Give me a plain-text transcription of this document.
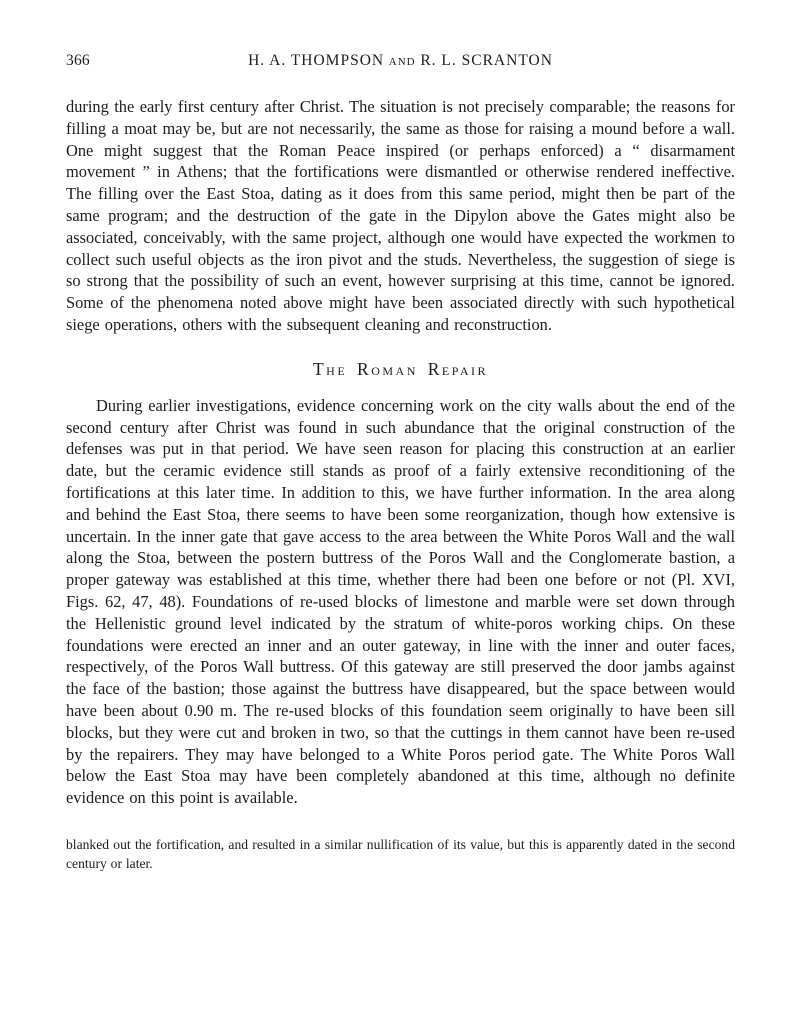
366	H. A. THOMPSON and R. L. SCRANTON

during the early first century after Christ. The situation is not precisely comparable; the reasons for filling a moat may be, but are not necessarily, the same as those for raising a mound before a wall. One might suggest that the Roman Peace inspired (or perhaps enforced) a “ disarmament movement ” in Athens; that the fortifications were dismantled or otherwise rendered ineffective. The filling over the East Stoa, dating as it does from this same period, might then be part of the same program; and the destruction of the gate in the Dipylon above the Gates might also be associated, conceivably, with the same project, although one would have expected the workmen to collect such useful objects as the iron pivot and the studs. Nevertheless, the suggestion of siege is so strong that the possibility of such an event, however surprising at this time, cannot be ignored. Some of the phenomena noted above might have been associated directly with such hypothetical siege operations, others with the subsequent cleaning and reconstruction.

The Roman Repair

During earlier investigations, evidence concerning work on the city walls about the end of the second century after Christ was found in such abundance that the original construction of the defenses was put in that period. We have seen reason for placing this construction at an earlier date, but the ceramic evidence still stands as proof of a fairly extensive reconditioning of the fortifications at this later time. In addition to this, we have further information. In the area along and behind the East Stoa, there seems to have been some reorganization, though how extensive is uncertain. In the inner gate that gave access to the area between the White Poros Wall and the wall along the Stoa, between the postern buttress of the Poros Wall and the Conglomerate bastion, a proper gateway was established at this time, whether there had been one before or not (Pl. XVI, Figs. 62, 47, 48). Foundations of re-used blocks of limestone and marble were set down through the Hellenistic ground level indicated by the stratum of white-poros working chips. On these foundations were erected an inner and an outer gateway, in line with the inner and outer faces, respectively, of the Poros Wall buttress. Of this gateway are still preserved the door jambs against the face of the bastion; those against the buttress have disappeared, but the space between would have been about 0.90 m. The re-used blocks of this foundation seem originally to have been sill blocks, but they were cut and broken in two, so that the cuttings in them cannot have been re-used by the repairers. They may have belonged to a White Poros period gate. The White Poros Wall below the East Stoa may have been completely abandoned at this time, although no definite evidence on this point is available.

blanked out the fortification, and resulted in a similar nullification of its value, but this is apparently dated in the second century or later.
